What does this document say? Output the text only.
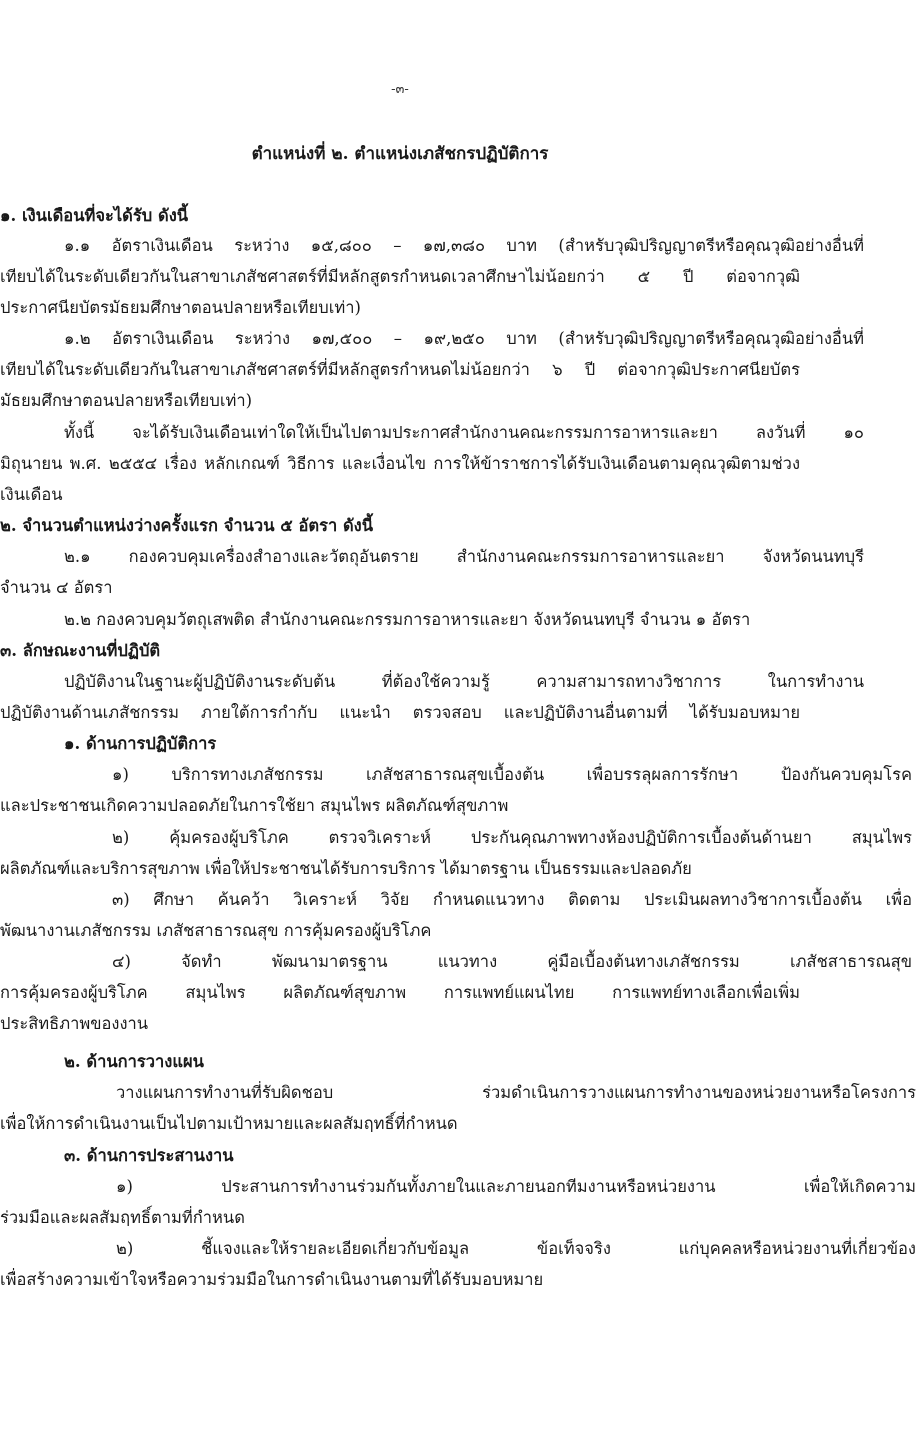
-๓-
ตำแหน่งที่ ๒. ตำแหน่งเภสัชกรปฏิบัติการ
๑. เงินเดือนที่จะได้รับ ดังนี้
๑.๑ อัตราเงินเดือน ระหว่าง ๑๕,๘๐๐ – ๑๗,๓๘๐ บาท (สำหรับวุฒิปริญญาตรีหรือคุณวุฒิอย่างอื่นที่
เทียบได้ในระดับเดียวกันในสาขาเภสัชศาสตร์ที่มีหลักสูตรกำหนดเวลาศึกษาไม่น้อยกว่า ๕ ปี ต่อจากวุฒิ
ประกาศนียบัตรมัธยมศึกษาตอนปลายหรือเทียบเท่า)
๑.๒ อัตราเงินเดือน ระหว่าง ๑๗,๕๐๐ – ๑๙,๒๕๐ บาท (สำหรับวุฒิปริญญาตรีหรือคุณวุฒิอย่างอื่นที่
เทียบได้ในระดับเดียวกันในสาขาเภสัชศาสตร์ที่มีหลักสูตรกำหนดไม่น้อยกว่า ๖ ปี ต่อจากวุฒิประกาศนียบัตร
มัธยมศึกษาตอนปลายหรือเทียบเท่า)
ทั้งนี้ จะได้รับเงินเดือนเท่าใดให้เป็นไปตามประกาศสำนักงานคณะกรรมการอาหารและยา ลงวันที่ ๑๐
มิถุนายน พ.ศ. ๒๕๕๔ เรื่อง หลักเกณฑ์ วิธีการ และเงื่อนไข การให้ข้าราชการได้รับเงินเดือนตามคุณวุฒิตามช่วง
เงินเดือน
๒. จำนวนตำแหน่งว่างครั้งแรก จำนวน ๕ อัตรา ดังนี้
๒.๑ กองควบคุมเครื่องสำอางและวัตถุอันตราย สำนักงานคณะกรรมการอาหารและยา จังหวัดนนทบุรี
จำนวน ๔ อัตรา
๒.๒ กองควบคุมวัตถุเสพติด สำนักงานคณะกรรมการอาหารและยา จังหวัดนนทบุรี จำนวน ๑ อัตรา
๓. ลักษณะงานที่ปฏิบัติ
ปฏิบัติงานในฐานะผู้ปฏิบัติงานระดับต้น ที่ต้องใช้ความรู้ ความสามารถทางวิชาการ ในการทำงาน
ปฏิบัติงานด้านเภสัชกรรม ภายใต้การกำกับ แนะนำ ตรวจสอบ และปฏิบัติงานอื่นตามที่ ได้รับมอบหมาย
๑. ด้านการปฏิบัติการ
๑) บริการทางเภสัชกรรม เภสัชสาธารณสุขเบื้องต้น เพื่อบรรลุผลการรักษา ป้องกันควบคุมโรค
และประชาชนเกิดความปลอดภัยในการใช้ยา สมุนไพร ผลิตภัณฑ์สุขภาพ
๒) คุ้มครองผู้บริโภค ตรวจวิเคราะห์ ประกันคุณภาพทางห้องปฏิบัติการเบื้องต้นด้านยา สมุนไพร
ผลิตภัณฑ์และบริการสุขภาพ เพื่อให้ประชาชนได้รับการบริการ ได้มาตรฐาน เป็นธรรมและปลอดภัย
๓) ศึกษา ค้นคว้า วิเคราะห์ วิจัย กำหนดแนวทาง ติดตาม ประเมินผลทางวิชาการเบื้องต้น เพื่อ
พัฒนางานเภสัชกรรม เภสัชสาธารณสุข การคุ้มครองผู้บริโภค
๔) จัดทำ พัฒนามาตรฐาน แนวทาง คู่มือเบื้องต้นทางเภสัชกรรม เภสัชสาธารณสุข
การคุ้มครองผู้บริโภค สมุนไพร ผลิตภัณฑ์สุขภาพ การแพทย์แผนไทย การแพทย์ทางเลือกเพื่อเพิ่ม
ประสิทธิภาพของงาน
๒. ด้านการวางแผน
วางแผนการทำงานที่รับผิดชอบ ร่วมดำเนินการวางแผนการทำงานของหน่วยงานหรือโครงการ
เพื่อให้การดำเนินงานเป็นไปตามเป้าหมายและผลสัมฤทธิ์ที่กำหนด
๓. ด้านการประสานงาน
๑) ประสานการทำงานร่วมกันทั้งภายในและภายนอกทีมงานหรือหน่วยงาน เพื่อให้เกิดความ
ร่วมมือและผลสัมฤทธิ์ตามที่กำหนด
๒) ชี้แจงและให้รายละเอียดเกี่ยวกับข้อมูล ข้อเท็จจริง แก่บุคคลหรือหน่วยงานที่เกี่ยวข้อง
เพื่อสร้างความเข้าใจหรือความร่วมมือในการดำเนินงานตามที่ได้รับมอบหมาย
